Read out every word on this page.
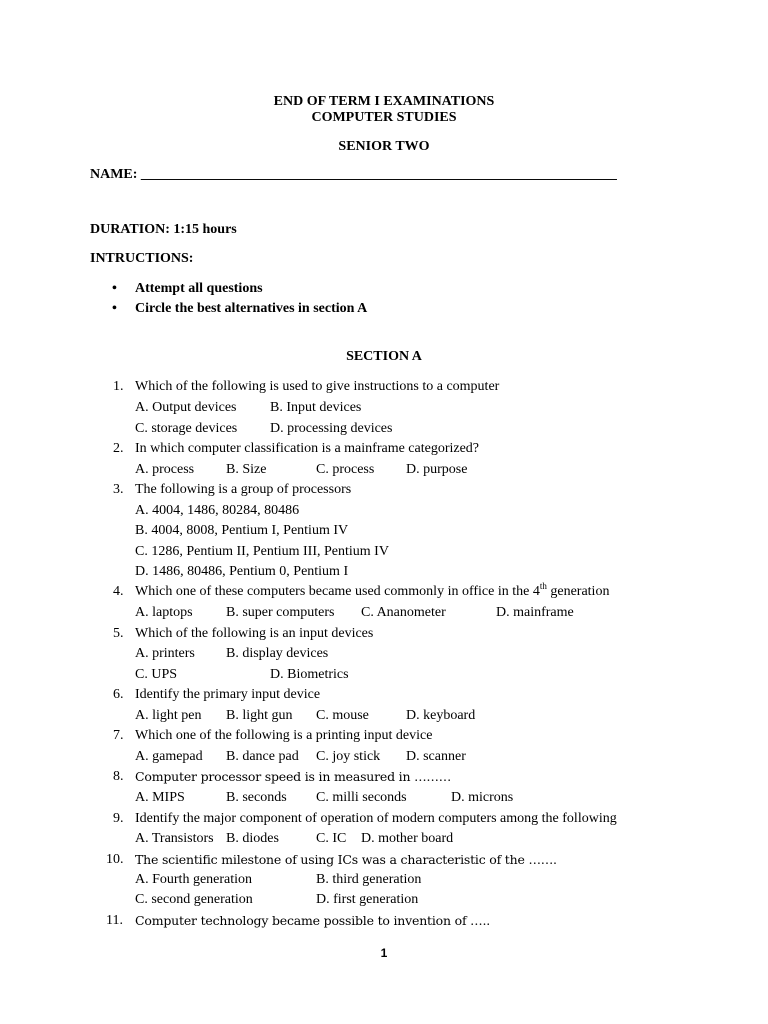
END OF TERM I EXAMINATIONS
COMPUTER STUDIES
SENIOR TWO
NAME: ____________________________________________________________________
DURATION: 1:15 hours
INTRUCTIONS:
• Attempt all questions
• Circle the best alternatives in section A
SECTION A
1. Which of the following is used to give instructions to a computer
A. Output devices B. Input devices
C. storage devices D. processing devices
2. In which computer classification is a mainframe categorized?
A. process B. Size	C. process D. purpose
3. The following is a group of processors
A. 4004, 1486, 80284, 80486
B. 4004, 8008, Pentium I, Pentium IV
C. 1286, Pentium II, Pentium III, Pentium IV
D. 1486, 80486, Pentium 0, Pentium I
4. Which one of these computers became used commonly in office in the 4th generation
A. laptops B. super computers C. Ananometer	D. mainframe
5. Which of the following is an input devices
A. printers B. display devices
C. UPS	D. Biometrics
6. Identify the primary input device
A. light pen B. light gun C. mouse	D. keyboard
7. Which one of the following is a printing input device
A. gamepad B. dance pad C. joy stick D. scanner
8. Computer processor speed is in measured in ………
A. MIPS	B. seconds C. milli seconds	D. microns
9. Identify the major component of operation of modern computers among the following
A. Transistors B. diodes	C. IC D. mother board
10. The scientific milestone of using ICs was a characteristic of the …….
A. Fourth generation	B. third generation
C. second generation	D. first generation
11. Computer technology became possible to invention of …..
1
